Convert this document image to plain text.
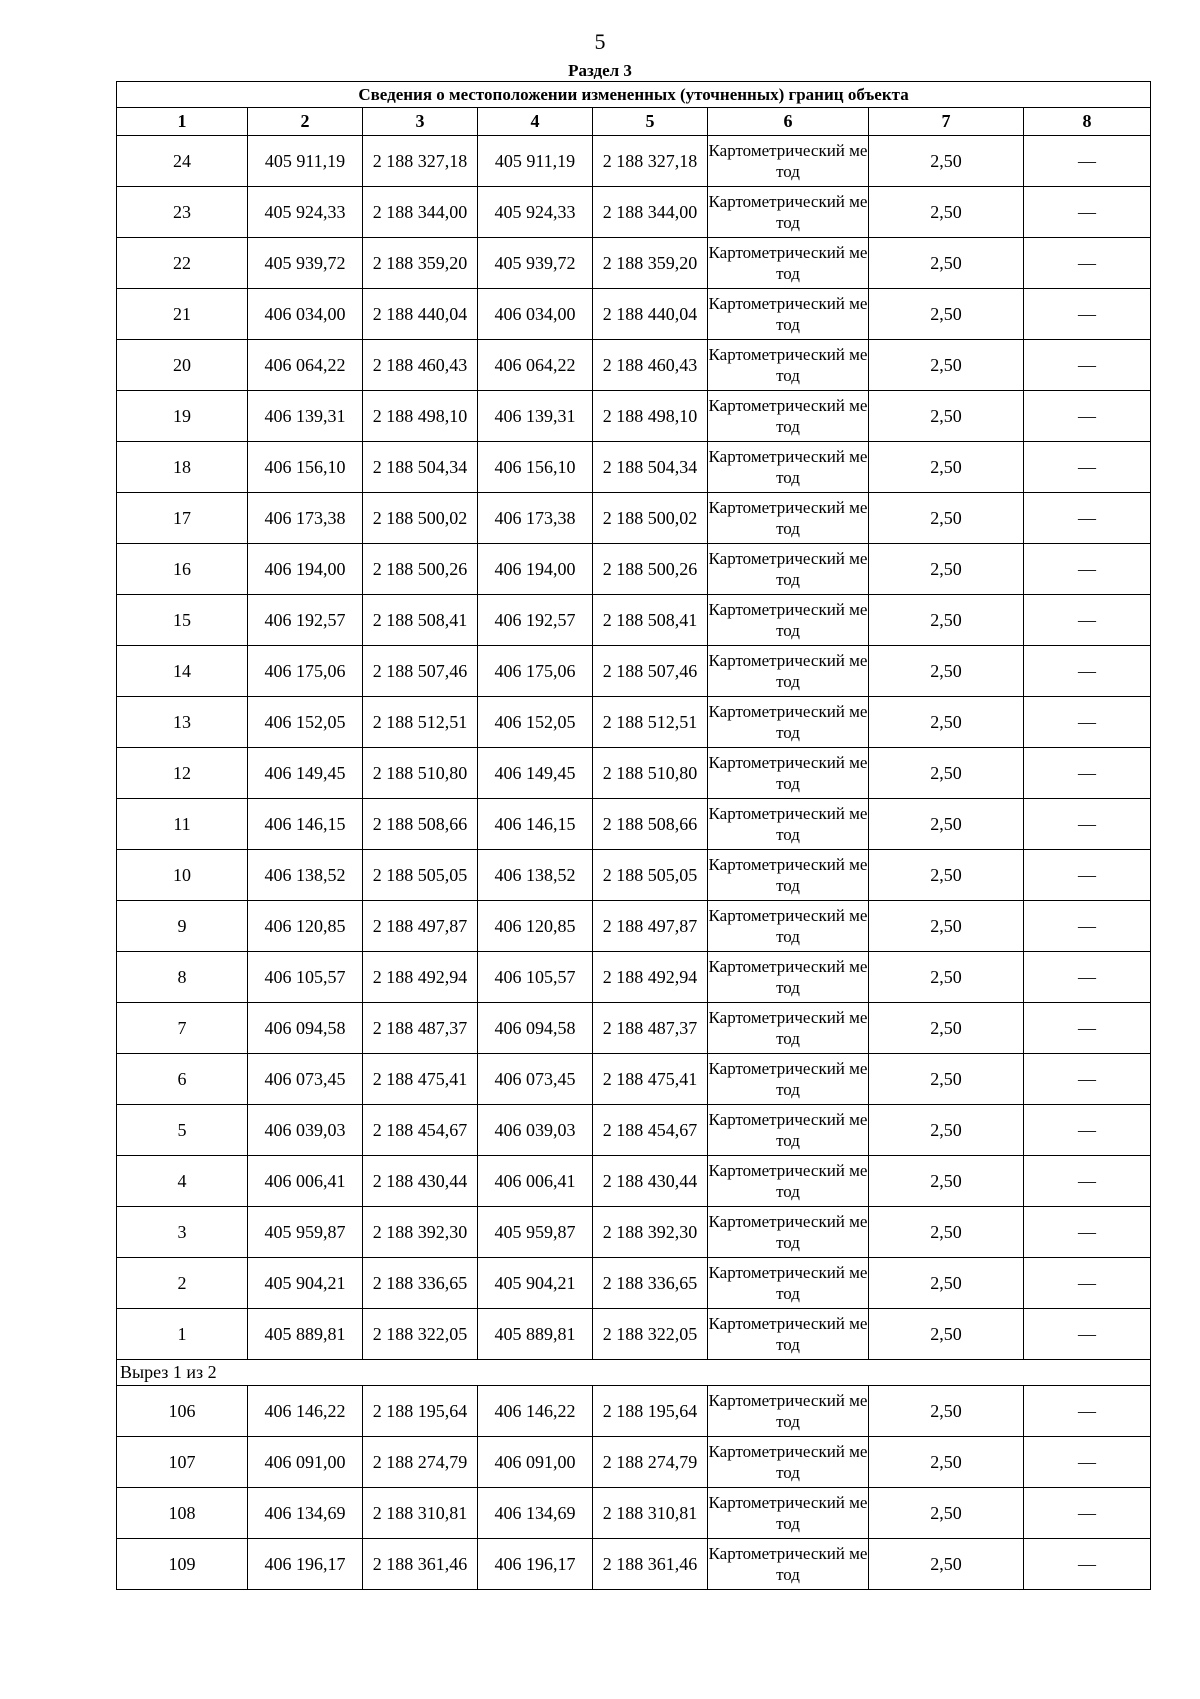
5
Раздел 3
Сведения о местоположении измененных (уточненных) границ объекта							
1	2	3	4	5	6	7	8
24	405 911,19	2 188 327,18	405 911,19	2 188 327,18	Картометрический метод	2,50	—
23	405 924,33	2 188 344,00	405 924,33	2 188 344,00	Картометрический метод	2,50	—
22	405 939,72	2 188 359,20	405 939,72	2 188 359,20	Картометрический метод	2,50	—
21	406 034,00	2 188 440,04	406 034,00	2 188 440,04	Картометрический метод	2,50	—
20	406 064,22	2 188 460,43	406 064,22	2 188 460,43	Картометрический метод	2,50	—
19	406 139,31	2 188 498,10	406 139,31	2 188 498,10	Картометрический метод	2,50	—
18	406 156,10	2 188 504,34	406 156,10	2 188 504,34	Картометрический метод	2,50	—
17	406 173,38	2 188 500,02	406 173,38	2 188 500,02	Картометрический метод	2,50	—
16	406 194,00	2 188 500,26	406 194,00	2 188 500,26	Картометрический метод	2,50	—
15	406 192,57	2 188 508,41	406 192,57	2 188 508,41	Картометрический метод	2,50	—
14	406 175,06	2 188 507,46	406 175,06	2 188 507,46	Картометрический метод	2,50	—
13	406 152,05	2 188 512,51	406 152,05	2 188 512,51	Картометрический метод	2,50	—
12	406 149,45	2 188 510,80	406 149,45	2 188 510,80	Картометрический метод	2,50	—
11	406 146,15	2 188 508,66	406 146,15	2 188 508,66	Картометрический метод	2,50	—
10	406 138,52	2 188 505,05	406 138,52	2 188 505,05	Картометрический метод	2,50	—
9	406 120,85	2 188 497,87	406 120,85	2 188 497,87	Картометрический метод	2,50	—
8	406 105,57	2 188 492,94	406 105,57	2 188 492,94	Картометрический метод	2,50	—
7	406 094,58	2 188 487,37	406 094,58	2 188 487,37	Картометрический метод	2,50	—
6	406 073,45	2 188 475,41	406 073,45	2 188 475,41	Картометрический метод	2,50	—
5	406 039,03	2 188 454,67	406 039,03	2 188 454,67	Картометрический метод	2,50	—
4	406 006,41	2 188 430,44	406 006,41	2 188 430,44	Картометрический метод	2,50	—
3	405 959,87	2 188 392,30	405 959,87	2 188 392,30	Картометрический метод	2,50	—
2	405 904,21	2 188 336,65	405 904,21	2 188 336,65	Картометрический метод	2,50	—
1	405 889,81	2 188 322,05	405 889,81	2 188 322,05	Картометрический метод	2,50	—
Вырез 1 из 2							
106	406 146,22	2 188 195,64	406 146,22	2 188 195,64	Картометрический метод	2,50	—
107	406 091,00	2 188 274,79	406 091,00	2 188 274,79	Картометрический метод	2,50	—
108	406 134,69	2 188 310,81	406 134,69	2 188 310,81	Картометрический метод	2,50	—
109	406 196,17	2 188 361,46	406 196,17	2 188 361,46	Картометрический метод	2,50	—
